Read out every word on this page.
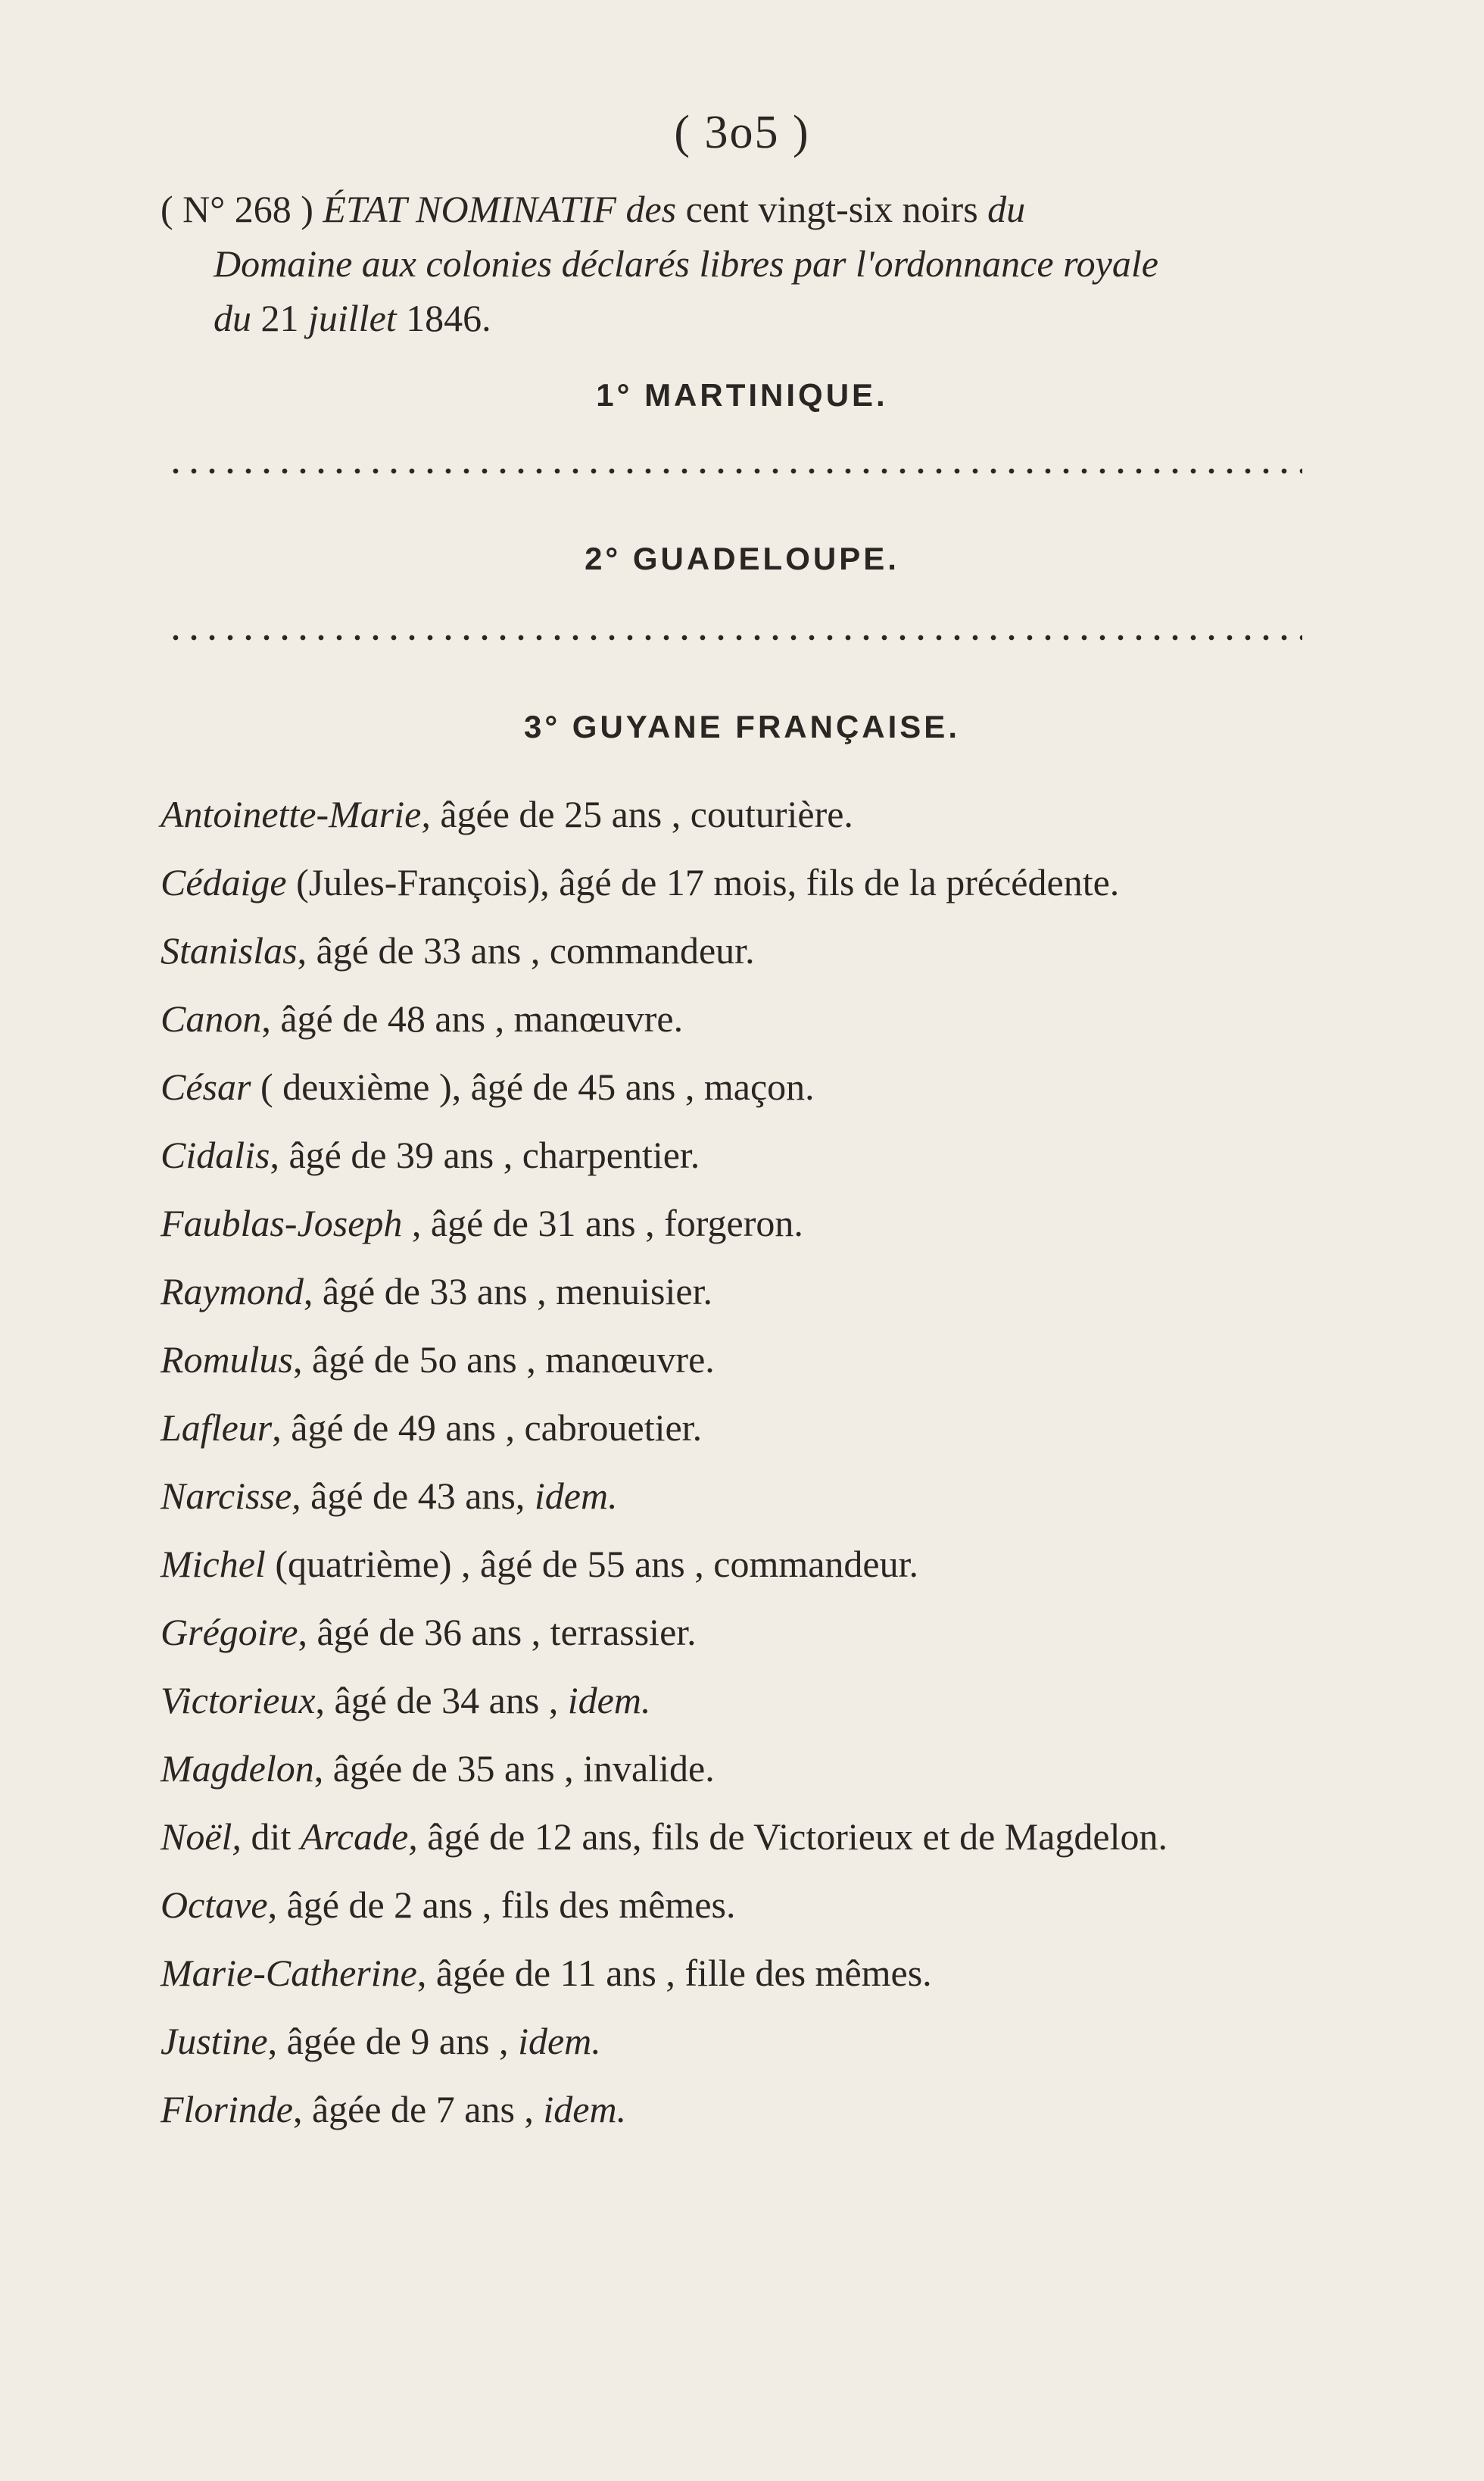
( 3o5 )
( N° 268 ) ÉTAT NOMINATIF des cent vingt-six noirs du
Domaine aux colonies déclarés libres par l'ordonnance royale
du 21 juillet 1846.
1° MARTINIQUE.
2° GUADELOUPE.
3° GUYANE FRANÇAISE.
Antoinette-Marie, âgée de 25 ans , couturière.
Cédaige (Jules-François), âgé de 17 mois, fils de la précédente.
Stanislas, âgé de 33 ans , commandeur.
Canon, âgé de 48 ans , manœuvre.
César ( deuxième ), âgé de 45 ans , maçon.
Cidalis, âgé de 39 ans , charpentier.
Faublas-Joseph , âgé de 31 ans , forgeron.
Raymond, âgé de 33 ans , menuisier.
Romulus, âgé de 5o ans , manœuvre.
Lafleur, âgé de 49 ans , cabrouetier.
Narcisse, âgé de 43 ans, idem.
Michel (quatrième) , âgé de 55 ans , commandeur.
Grégoire, âgé de 36 ans , terrassier.
Victorieux, âgé de 34 ans , idem.
Magdelon, âgée de 35 ans , invalide.
Noël, dit Arcade, âgé de 12 ans, fils de Victorieux et de Magdelon.
Octave, âgé de 2 ans , fils des mêmes.
Marie-Catherine, âgée de 11 ans , fille des mêmes.
Justine, âgée de 9 ans , idem.
Florinde, âgée de 7 ans , idem.
